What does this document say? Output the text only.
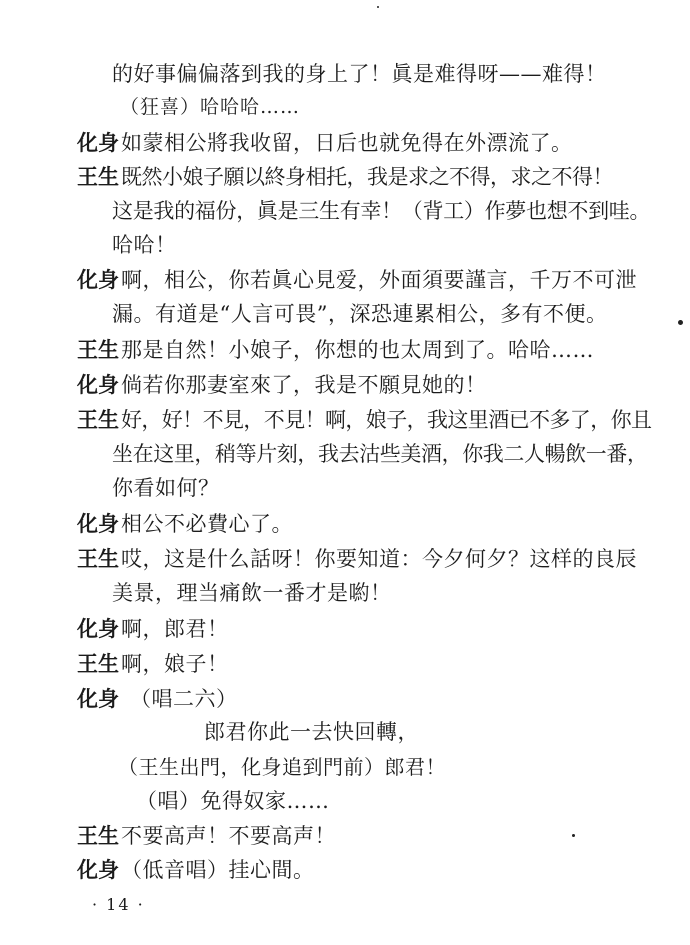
的好事偏偏落到我的身上了！眞是难得呀——难得！
（狂喜）哈哈哈……
化身 如蒙相公將我收留，日后也就免得在外漂流了。
王生 既然小娘子願以終身相托，我是求之不得，求之不得！
这是我的福份，眞是三生有幸！（背工）作夢也想不到哇。
哈哈！
化身 啊，相公，你若眞心見爱，外面須要謹言，千万不可泄
漏。有道是“人言可畏”，深恐連累相公，多有不便。
王生 那是自然！小娘子，你想的也太周到了。哈哈……
化身 倘若你那妻室來了，我是不願見她的！
王生 好，好！不見，不見！啊，娘子，我这里酒已不多了，你且
坐在这里，稍等片刻，我去沽些美酒，你我二人暢飲一番，
你看如何？
化身 相公不必費心了。
王生 哎，这是什么話呀！你要知道：今夕何夕？这样的良辰
美景，理当痛飲一番才是喲！
化身 啊，郎君！
王生 啊，娘子！
化身 （唱二六）
郎君你此一去快回轉，
（王生出門，化身追到門前）郎君！
（唱）免得奴家……
王生 不要高声！不要高声！
化身 （低音唱）挂心間。
· 14 ·
